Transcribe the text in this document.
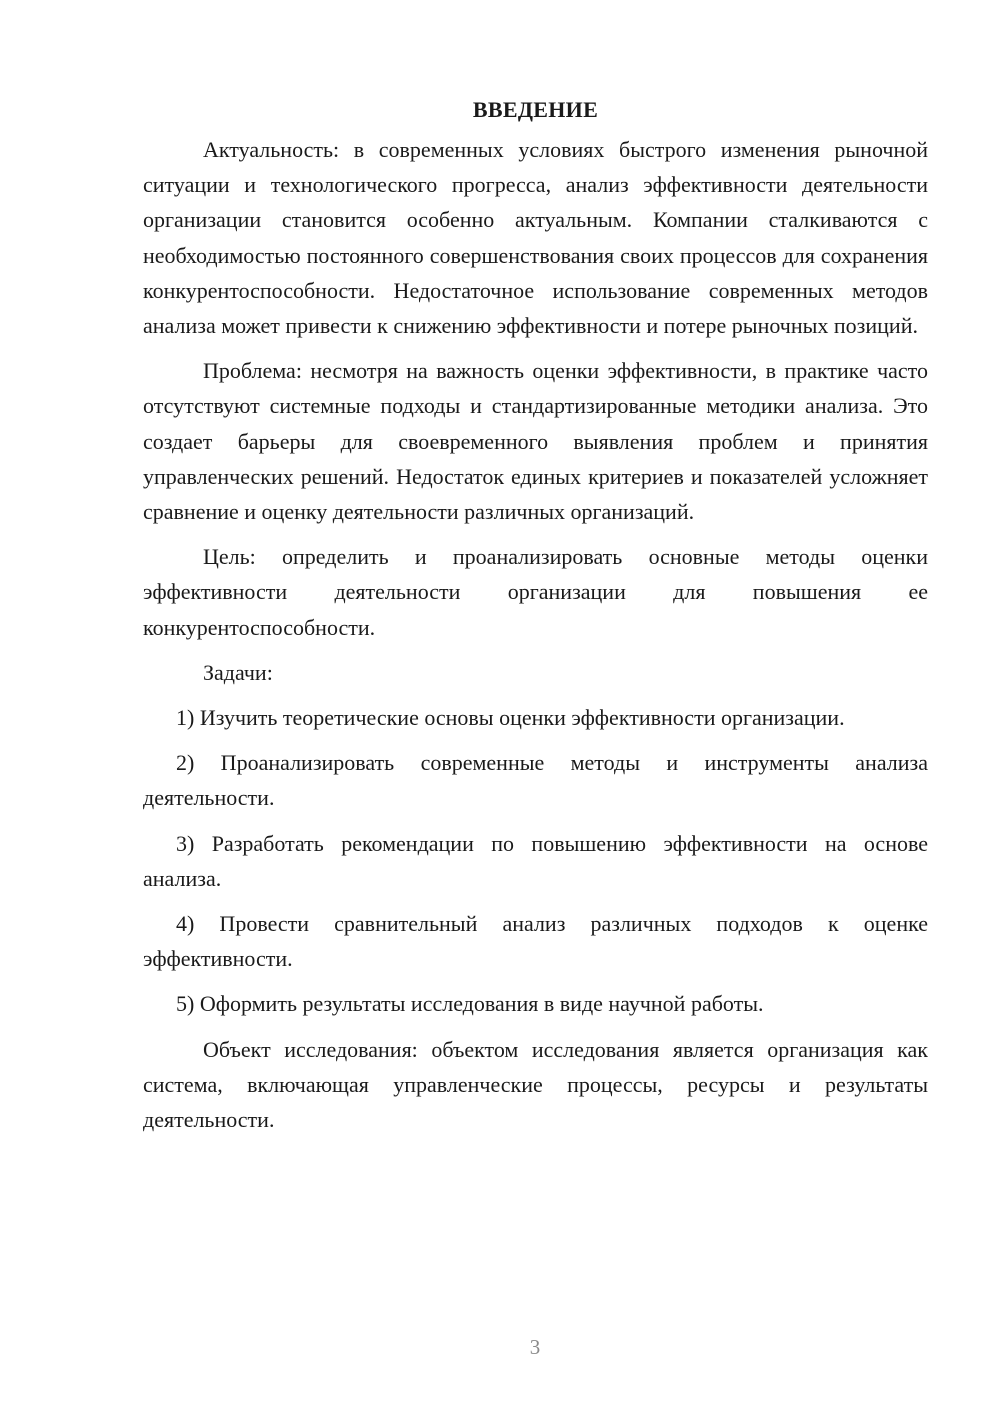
ВВЕДЕНИЕ

Актуальность: в современных условиях быстрого изменения рыночной ситуации и технологического прогресса, анализ эффективности деятельности организации становится особенно актуальным. Компании сталкиваются с необходимостью постоянного совершенствования своих процессов для сохранения конкурентоспособности. Недостаточное использование современных методов анализа может привести к снижению эффективности и потере рыночных позиций.

Проблема: несмотря на важность оценки эффективности, в практике часто отсутствуют системные подходы и стандартизированные методики анализа. Это создает барьеры для своевременного выявления проблем и принятия управленческих решений. Недостаток единых критериев и показателей усложняет сравнение и оценку деятельности различных организаций.

Цель: определить и проанализировать основные методы оценки эффективности деятельности организации для повышения ее конкурентоспособности.

Задачи:

1) Изучить теоретические основы оценки эффективности организации.

2) Проанализировать современные методы и инструменты анализа деятельности.

3) Разработать рекомендации по повышению эффективности на основе анализа.

4) Провести сравнительный анализ различных подходов к оценке эффективности.

5) Оформить результаты исследования в виде научной работы.

Объект исследования: объектом исследования является организация как система, включающая управленческие процессы, ресурсы и результаты деятельности.

3
